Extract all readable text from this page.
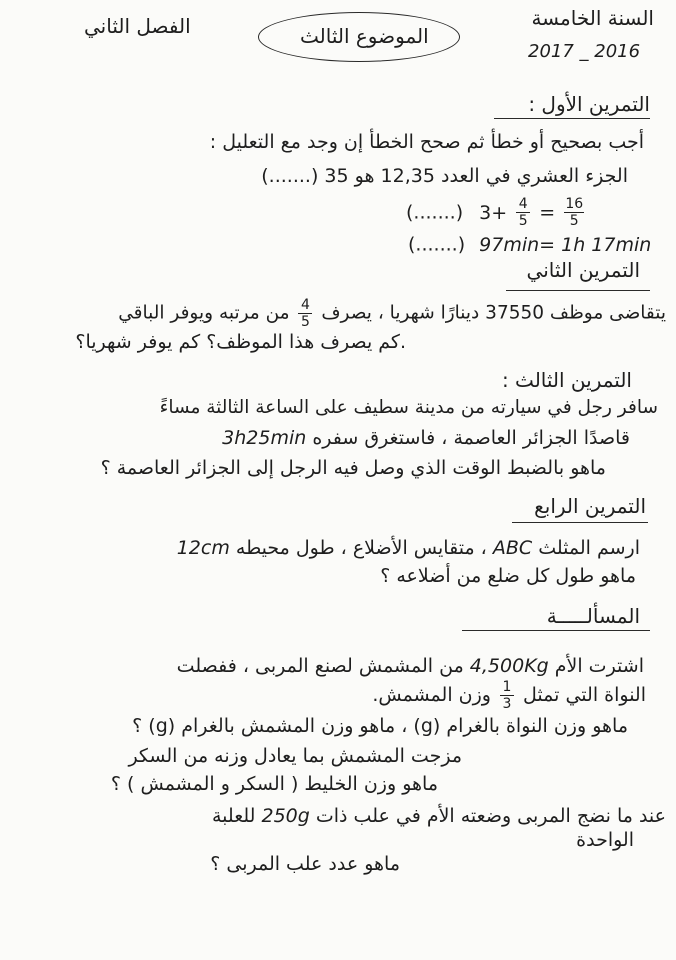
السنة الخامسة
2017 _ 2016
الموضوع الثالث
الفصل الثاني
التمرين الأول :
أجب بصحيح أو خطأ ثم صحح الخطأ إن وجد مع التعليل :
الجزء العشري في العدد 12,35 هو 35 (.......)
(.......) $3+ \frac{4}{5} = \frac{16}{5}$
(.......) 97min= 1h 17min
التمرين الثاني
يتقاضى موظف 37550 دينارًا شهريا ، يصرف
$\frac{4}{5}$
من مرتبه ويوفر الباقي
.كم يصرف هذا الموظف؟ كم يوفر شهريا؟
التمرين الثالث :
سافر رجل في سيارته من مدينة سطيف على الساعة الثالثة مساءً
قاصدًا الجزائر العاصمة ، فاستغرق سفره 3h25min
ماهو بالضبط الوقت الذي وصل فيه الرجل إلى الجزائر العاصمة ؟
التمرين الرابع
ارسم المثلث ABC ، متقايس الأضلاع ، طول محيطه 12cm
ماهو طول كل ضلع من أضلاعه ؟
المسألـــــة
اشترت الأم 4,500Kg من المشمش لصنع المربى ، ففصلت
النواة التي تمثل
$\frac{1}{3}$
وزن المشمش.
ماهو وزن النواة بالغرام (g) ، ماهو وزن المشمش بالغرام (g) ؟
مزجت المشمش بما يعادل وزنه من السكر
ماهو وزن الخليط ( السكر و المشمش ) ؟
عند ما نضج المربى وضعته الأم في علب ذات 250g للعلبة
الواحدة
ماهو عدد علب المربى ؟
